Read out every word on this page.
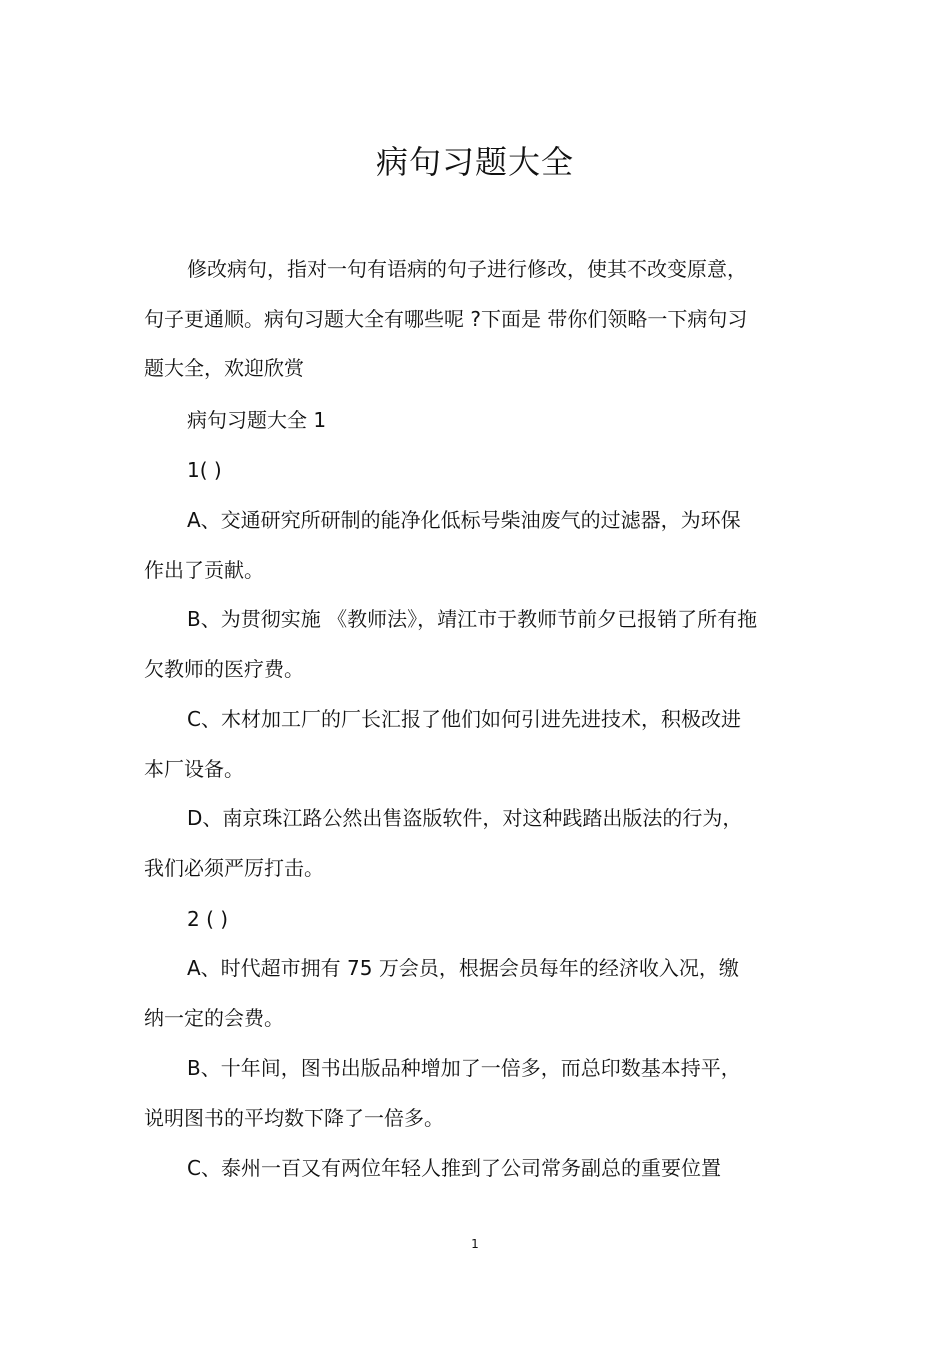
病句习题大全
修改病句，指对一句有语病的句子进行修改，使其不改变原意，
句子更通顺。病句习题大全有哪些呢 ?下面是 带你们领略一下病句习
题大全，欢迎欣赏
病句习题大全 1
1( )
A、交通研究所研制的能净化低标号柴油废气的过滤器，为环保
作出了贡献。
B、为贯彻实施 《教师法》，靖江市于教师节前夕已报销了所有拖
欠教师的医疗费。
C、木材加工厂的厂长汇报了他们如何引进先进技术，积极改进
本厂设备。
D、南京珠江路公然出售盗版软件，对这种践踏出版法的行为，
我们必须严厉打击。
2 ( )
A、时代超市拥有 75 万会员，根据会员每年的经济收入况，缴
纳一定的会费。
B、十年间，图书出版品种增加了一倍多，而总印数基本持平，
说明图书的平均数下降了一倍多。
C、泰州一百又有两位年轻人推到了公司常务副总的重要位置
1
